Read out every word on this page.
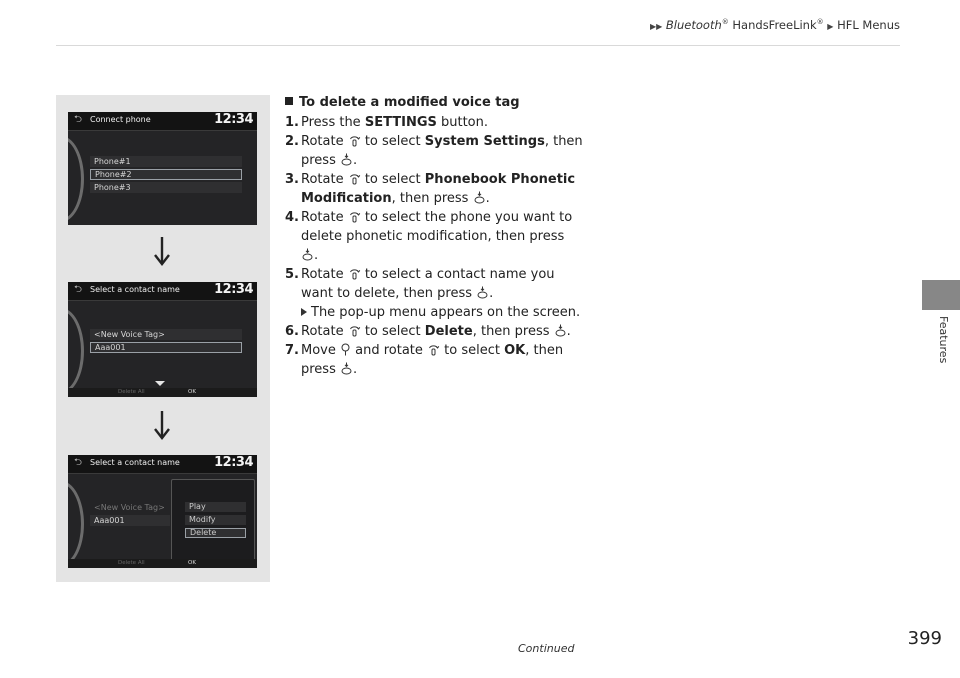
▶▶ Bluetooth® HandsFreeLink® ▶ HFL Menus
Features
⮌ Connect phone	12:34
Phone#1
Phone#2
Phone#3
⮌ Select a contact name	12:34
<New Voice Tag>
Aaa001
Delete All	OK
⮌ Select a contact name	12:34
<New Voice Tag>
Aaa001
Play
Modify
Delete
Delete All	OK
To delete a modified voice tag
1. Press the SETTINGS button.
2. Rotate  to select System Settings, then
press .
3. Rotate  to select Phonebook Phonetic
Modification, then press .
4. Rotate  to select the phone you want to
delete phonetic modification, then press
.
5. Rotate  to select a contact name you
want to delete, then press .
The pop-up menu appears on the screen.
6. Rotate  to select Delete, then press .
7. Move  and rotate  to select OK, then
press .
Continued	399
